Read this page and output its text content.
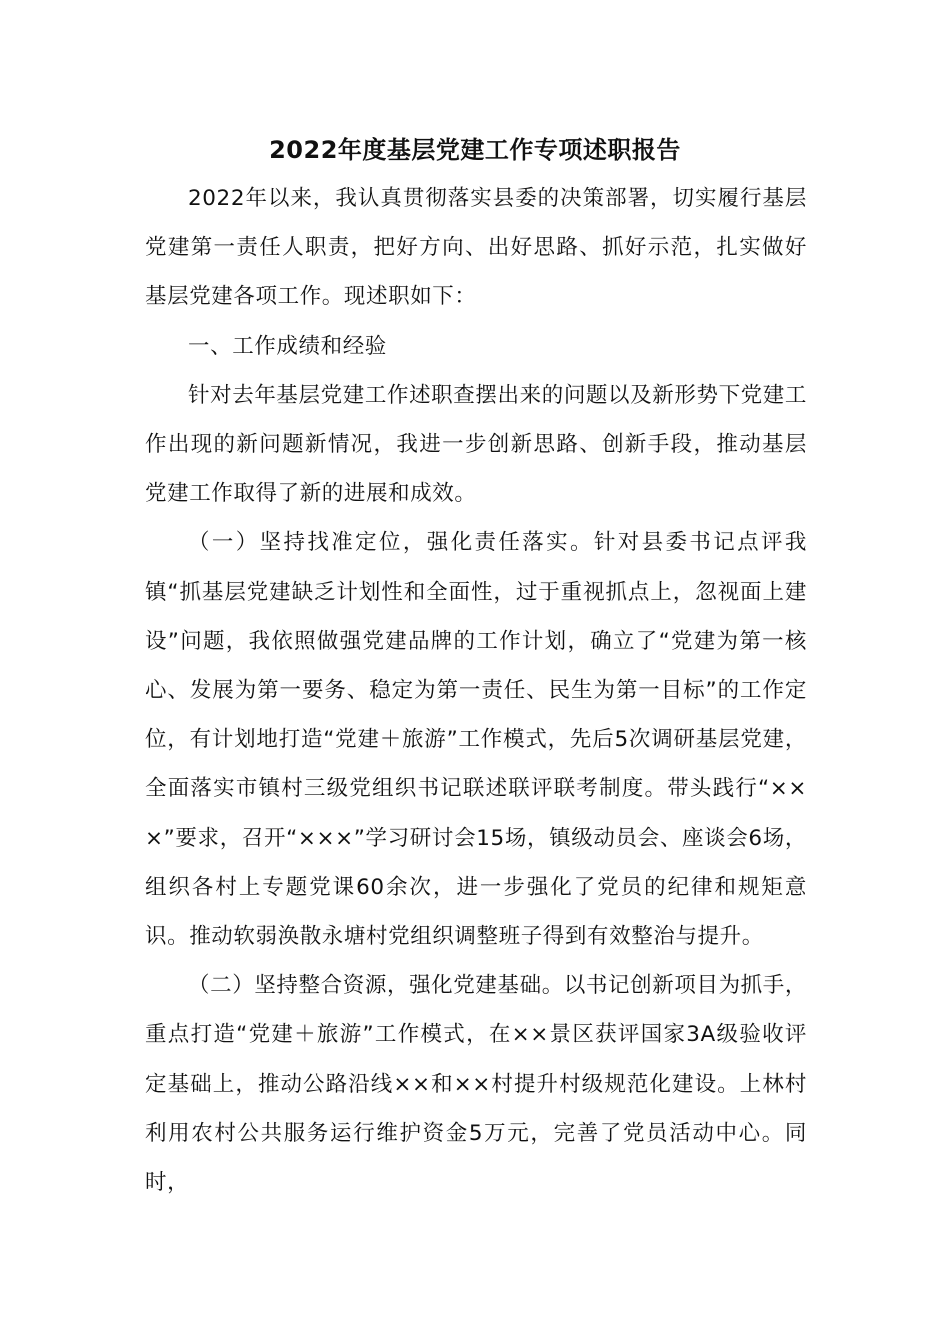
2022年度基层党建工作专项述职报告

2022年以来，我认真贯彻落实县委的决策部署，切实履行基层党建第一责任人职责，把好方向、出好思路、抓好示范，扎实做好基层党建各项工作。现述职如下：

一、工作成绩和经验

针对去年基层党建工作述职查摆出来的问题以及新形势下党建工作出现的新问题新情况，我进一步创新思路、创新手段，推动基层党建工作取得了新的进展和成效。

（一）坚持找准定位，强化责任落实。针对县委书记点评我镇“抓基层党建缺乏计划性和全面性，过于重视抓点上，忽视面上建设”问题，我依照做强党建品牌的工作计划，确立了“党建为第一核心、发展为第一要务、稳定为第一责任、民生为第一目标”的工作定位，有计划地打造“党建＋旅游”工作模式，先后5次调研基层党建，全面落实市镇村三级党组织书记联述联评联考制度。带头践行“×××”要求，召开“×××”学习研讨会15场，镇级动员会、座谈会6场，组织各村上专题党课60余次，进一步强化了党员的纪律和规矩意识。推动软弱涣散永塘村党组织调整班子得到有效整治与提升。

（二）坚持整合资源，强化党建基础。以书记创新项目为抓手，重点打造“党建＋旅游”工作模式，在××景区获评国家3A级验收评定基础上，推动公路沿线××和××村提升村级规范化建设。上林村利用农村公共服务运行维护资金5万元，完善了党员活动中心。同时，
